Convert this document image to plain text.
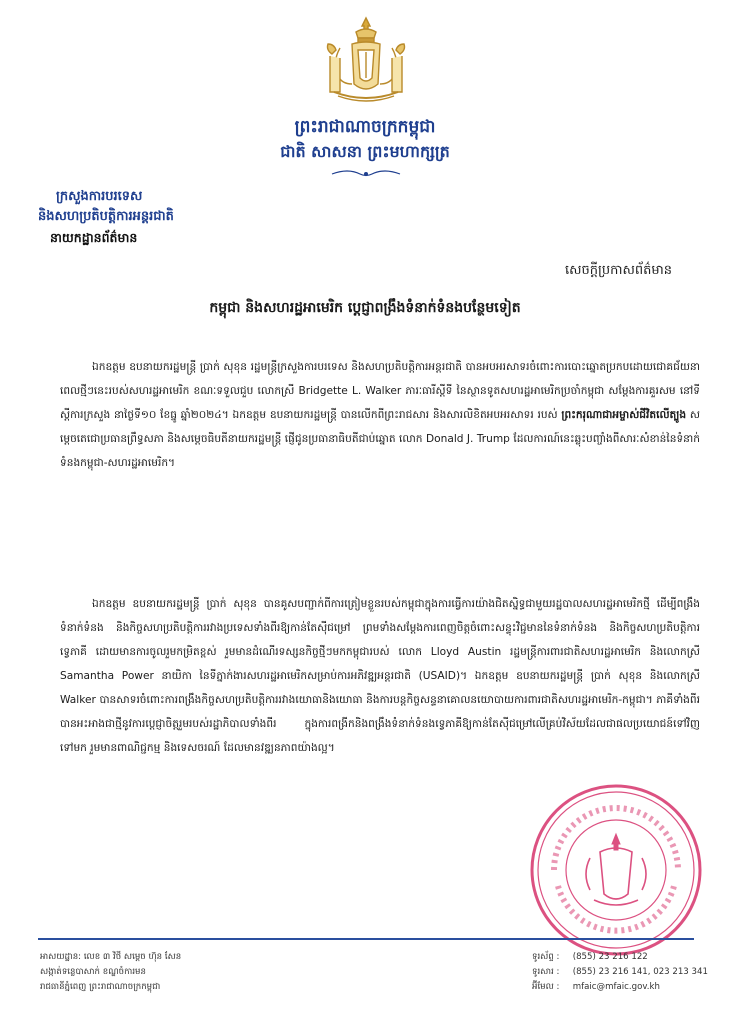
ព្រះរាជាណាចក្រកម្ពុជា
ជាតិ សាសនា ព្រះមហាក្សត្រ
ក្រសួងការបរទេស
និងសហប្រតិបត្តិការអន្តរជាតិ
នាយកដ្ឋានព័ត៌មាន
សេចក្តីប្រកាសព័ត៌មាន
កម្ពុជា និងសហរដ្ឋអាមេរិក ប្តេជ្ញាពង្រឹងទំនាក់ទំនងបន្ថែមទៀត

ឯកឧត្តម ឧបនាយករដ្ឋមន្ត្រី ប្រាក់ សុខុន រដ្ឋមន្ត្រីក្រសួងការបរទេស និងសហប្រតិបត្តិការអន្តរជាតិ បានអបអរសាទរចំពោះការបោះឆ្នោតប្រកបដោយជោគជ័យនាពេលថ្មីៗនេះរបស់សហរដ្ឋអាមេរិក ខណៈទទួលជួប លោកស្រី Bridgette L. Walker ភារៈធារីស្តីទី នៃស្ថានទូតសហរដ្ឋអាមេរិកប្រចាំកម្ពុជា សម្តែងការគួរសម នៅទីស្តីការក្រសួង នាថ្ងៃទី១០ ខែធ្នូ ឆ្នាំ២០២៤។ ឯកឧត្តម ឧបនាយករដ្ឋមន្ត្រី បានលើកពីព្រះរាជសារ និងសារលិខិតអបអរសាទរ របស់ ព្រះករុណាជាអម្ចាស់ជីវិតលើត្បូង សម្តេចតេជោប្រធានព្រឹទ្ធសភា និងសម្តេចធិបតីនាយករដ្ឋមន្ត្រី ផ្ញើជូនប្រធានាធិបតីជាប់ឆ្នោត លោក Donald J. Trump ដែលការណ៍នេះឆ្លុះបញ្ចាំងពីសារៈសំខាន់នៃទំនាក់ទំនងកម្ពុជា-សហរដ្ឋអាមេរិក។

ឯកឧត្តម ឧបនាយករដ្ឋមន្ត្រី ប្រាក់ សុខុន បានគូសបញ្ជាក់ពីការត្រៀមខ្លួនរបស់កម្ពុជាក្នុងការធ្វើការយ៉ាងជិតស្និទ្ធជាមួយរដ្ឋបាលសហរដ្ឋអាមេរិកថ្មី ដើម្បីពង្រឹងទំនាក់ទំនង និងកិច្ចសហប្រតិបត្តិការរវាងប្រទេសទាំងពីរឱ្យកាន់តែស៊ីជម្រៅ ព្រមទាំងសម្តែងការពេញចិត្តចំពោះសន្ទុះវិជ្ជមាននៃទំនាក់ទំនង និងកិច្ចសហប្រតិបត្តិការទ្វេភាគី ដោយមានការចូលរួមកម្រិតខ្ពស់ រួមមានដំណើរទស្សនកិច្ចថ្មីៗមកកម្ពុជារបស់ លោក Lloyd Austin រដ្ឋមន្ត្រីការពារជាតិសហរដ្ឋអាមេរិក និងលោកស្រី Samantha Power នាយិកា នៃទីភ្នាក់ងារសហរដ្ឋអាមេរិកសម្រាប់ការអភិវឌ្ឍអន្តរជាតិ (USAID)។ ឯកឧត្តម ឧបនាយករដ្ឋមន្ត្រី ប្រាក់ សុខុន និងលោកស្រី Walker បានសាទរចំពោះការពង្រឹងកិច្ចសហប្រតិបត្តិការរវាងយោធានិងយោធា និងការបន្តកិច្ចសន្ទនាគោលនយោបាយការពារជាតិសហរដ្ឋអាមេរិក-កម្ពុជា។ ភាគីទាំងពីរបានអះអាងជាថ្មីនូវការប្តេជ្ញាចិត្តរួមរបស់រដ្ឋាភិបាលទាំងពីរ ក្នុងការពង្រីកនិងពង្រឹងទំនាក់ទំនងទ្វេភាគីឱ្យកាន់តែស៊ីជម្រៅលើគ្រប់វិស័យដែលជាផលប្រយោជន៍ទៅវិញទៅមក រួមមានពាណិជ្ជកម្ម និងទេសចរណ៍ ដែលមានវឌ្ឍនភាពយ៉ាងល្អ។

អាសយដ្ឋាន: លេខ ៣ វិថី សម្តេច ហ៊ុន សែន
សង្កាត់ទន្លេបាសាក់ ខណ្ឌចំការមន
រាជធានីភ្នំពេញ ព្រះរាជាណាចក្រកម្ពុជា
ទូរស័ព្ទ : (855) 23 216 122
ទូរសារ : (855) 23 216 141, 023 213 341
អ៊ីមែល : mfaic@mfaic.gov.kh
